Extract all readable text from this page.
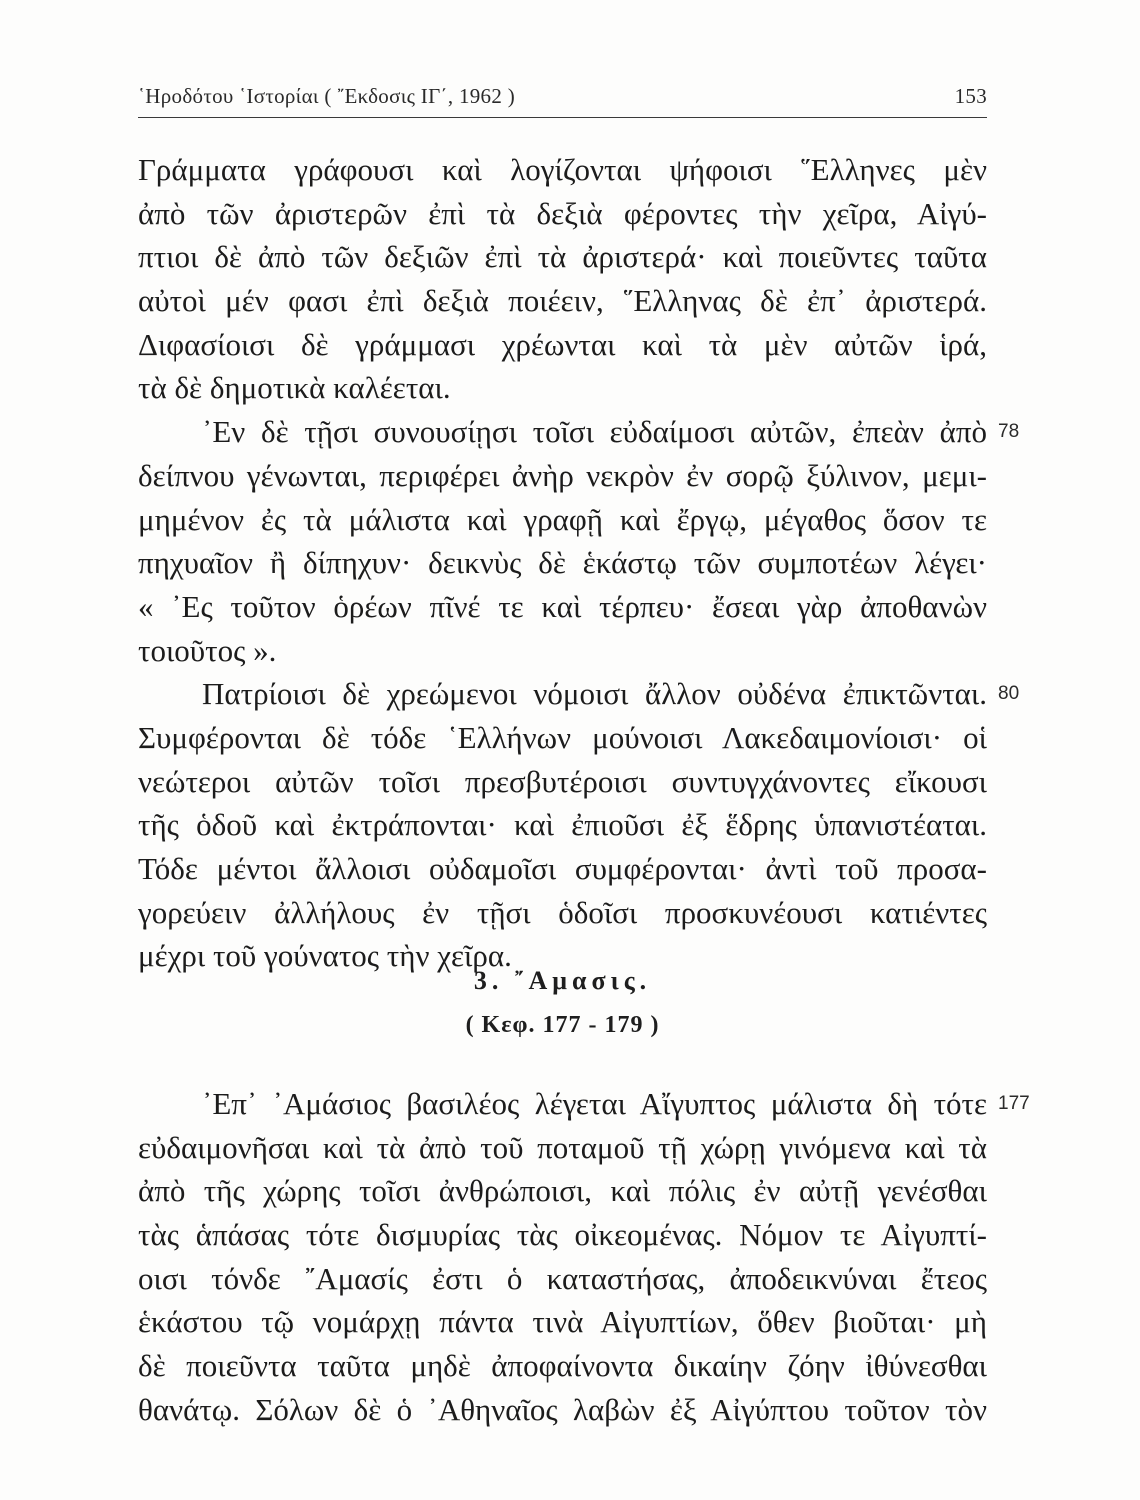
῾Ηροδότου ῾Ιστορίαι ( ῎Εκδοσις ΙΓ΄, 1962 )	153
Γράμματα γράφουσι καὶ λογίζονται ψήφοισι ῞Ελληνες μὲν
ἀπὸ τῶν ἀριστερῶν ἐπὶ τὰ δεξιὰ φέροντες τὴν χεῖρα, Αἰγύ-
πτιοι δὲ ἀπὸ τῶν δεξιῶν ἐπὶ τὰ ἀριστερά· καὶ ποιεῦντες ταῦτα
αὐτοὶ μέν φασι ἐπὶ δεξιὰ ποιέειν, ῞Ελληνας δὲ ἐπ᾿ ἀριστερά.
Διφασίοισι δὲ γράμμασι χρέωνται καὶ τὰ μὲν αὐτῶν ἱρά,
τὰ δὲ δημοτικὰ καλέεται.
᾿Εν δὲ τῇσι συνουσίῃσι τοῖσι εὐδαίμοσι αὐτῶν, ἐπεὰν ἀπὸ 78
δείπνου γένωνται, περιφέρει ἀνὴρ νεκρὸν ἐν σορῷ ξύλινον, μεμι-
μημένον ἐς τὰ μάλιστα καὶ γραφῇ καὶ ἔργῳ, μέγαθος ὅσον τε
πηχυαῖον ἢ δίπηχυν· δεικνὺς δὲ ἑκάστῳ τῶν συμποτέων λέγει·
« ᾿Ες τοῦτον ὁρέων πῖνέ τε καὶ τέρπευ· ἔσεαι γὰρ ἀποθανὼν
τοιοῦτος ».
Πατρίοισι δὲ χρεώμενοι νόμοισι ἄλλον οὐδένα ἐπικτῶνται. 80
Συμφέρονται δὲ τόδε ῾Ελλήνων μούνοισι Λακεδαιμονίοισι· οἱ
νεώτεροι αὐτῶν τοῖσι πρεσβυτέροισι συντυγχάνοντες εἴκουσι
τῆς ὁδοῦ καὶ ἐκτράπονται· καὶ ἐπιοῦσι ἐξ ἕδρης ὑπανιστέαται.
Τόδε μέντοι ἄλλοισι οὐδαμοῖσι συμφέρονται· ἀντὶ τοῦ προσα-
γορεύειν ἀλλήλους ἐν τῇσι ὁδοῖσι προσκυνέουσι κατιέντες
μέχρι τοῦ γούνατος τὴν χεῖρα.
3. ῎Αμασις.
( Κεφ. 177 - 179 )
᾿Επ᾿ ᾿Αμάσιος βασιλέος λέγεται Αἴγυπτος μάλιστα δὴ τότε 177
εὐδαιμονῆσαι καὶ τὰ ἀπὸ τοῦ ποταμοῦ τῇ χώρῃ γινόμενα καὶ τὰ
ἀπὸ τῆς χώρης τοῖσι ἀνθρώποισι, καὶ πόλις ἐν αὐτῇ γενέσθαι
τὰς ἁπάσας τότε δισμυρίας τὰς οἰκεομένας. Νόμον τε Αἰγυπτί-
οισι τόνδε ῎Αμασίς ἐστι ὁ καταστήσας, ἀποδεικνύναι ἔτεος
ἑκάστου τῷ νομάρχῃ πάντα τινὰ Αἰγυπτίων, ὅθεν βιοῦται· μὴ
δὲ ποιεῦντα ταῦτα μηδὲ ἀποφαίνοντα δικαίην ζόην ἰθύνεσθαι
θανάτῳ. Σόλων δὲ ὁ ᾿Αθηναῖος λαβὼν ἐξ Αἰγύπτου τοῦτον τὸν
